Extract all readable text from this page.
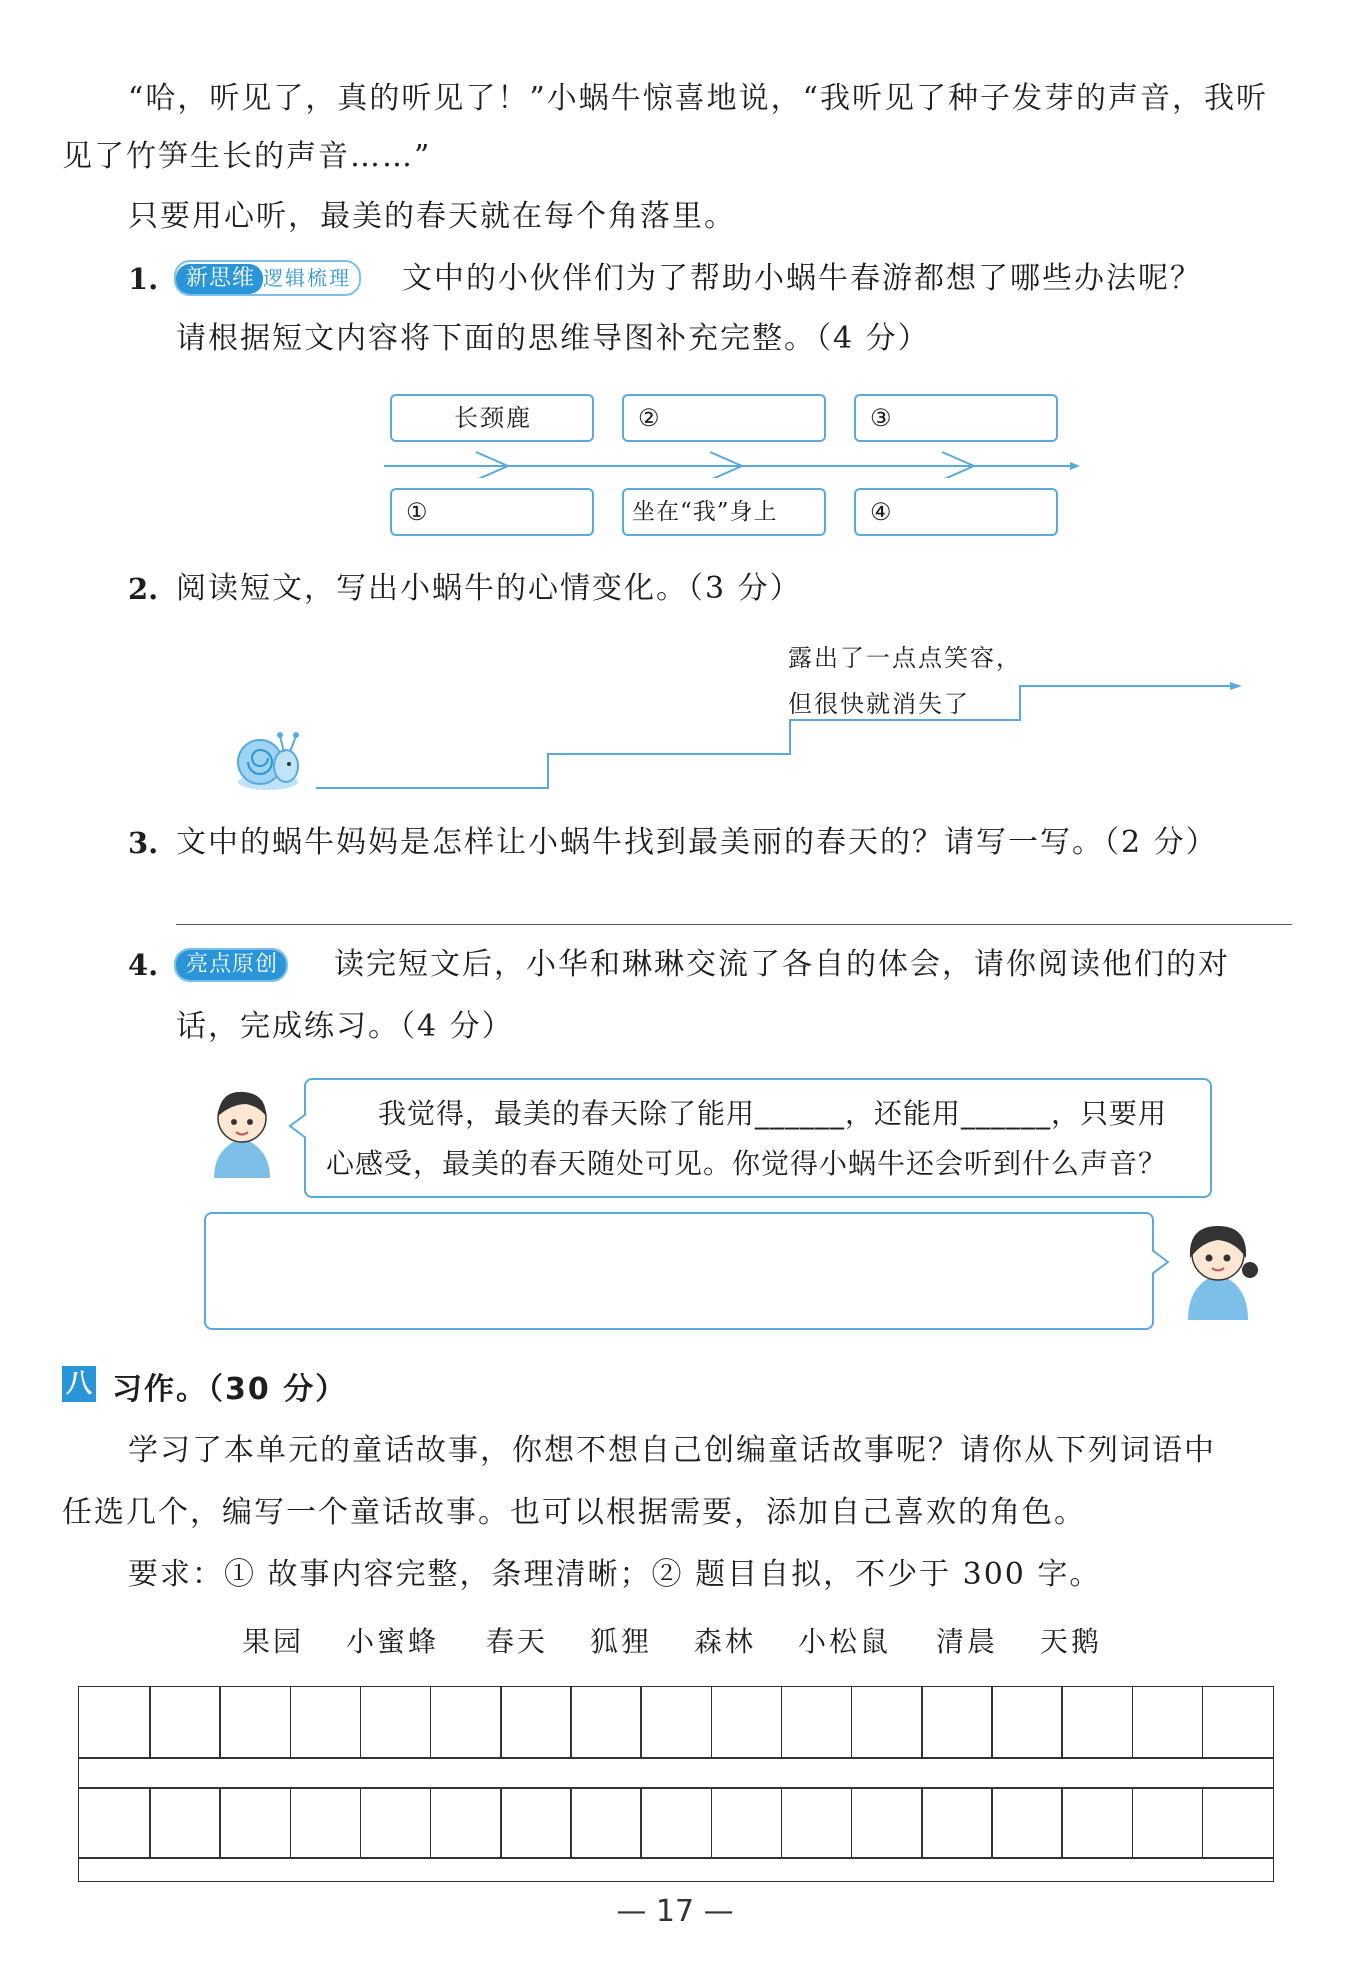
“哈，听见了，真的听见了！”小蜗牛惊喜地说，“我听见了种子发芽的声音，我听
见了竹笋生长的声音……”
只要用心听，最美的春天就在每个角落里。
1.	新思维 逻辑梳理	文中的小伙伴们为了帮助小蜗牛春游都想了哪些办法呢？
请根据短文内容将下面的思维导图补充完整。（4 分）
长颈鹿	②	③
①	坐在“我”身上	④
2. 阅读短文，写出小蜗牛的心情变化。（3 分）
露出了一点点笑容，
但很快就消失了
3. 文中的蜗牛妈妈是怎样让小蜗牛找到最美丽的春天的？请写一写。（2 分）
4.	亮点原创	读完短文后，小华和琳琳交流了各自的体会，请你阅读他们的对
话，完成练习。（4 分）
我觉得，最美的春天除了能用______，还能用______，只要用
心感受，最美的春天随处可见。你觉得小蜗牛还会听到什么声音？
八 习作。（30 分）
学习了本单元的童话故事，你想不想自己创编童话故事呢？请你从下列词语中
任选几个，编写一个童话故事。也可以根据需要，添加自己喜欢的角色。
要求：① 故事内容完整，条理清晰；② 题目自拟，不少于 300 字。
果园 小蜜蜂 春天 狐狸 森林 小松鼠 清晨 天鹅
— 17 —
